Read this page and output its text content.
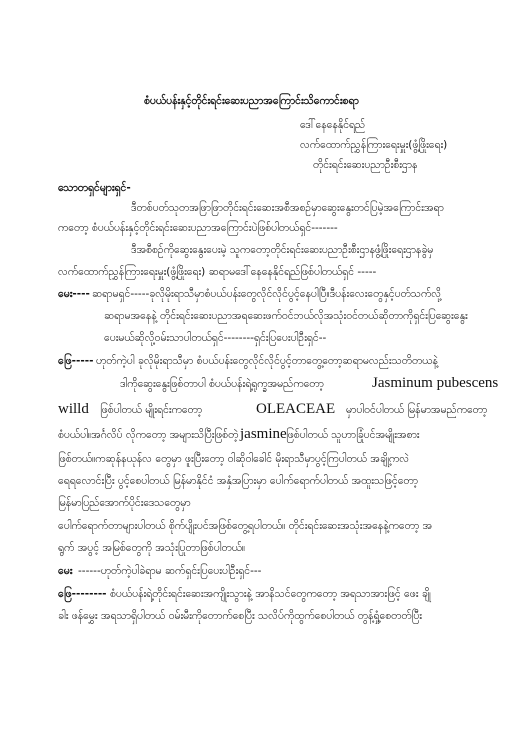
စံပယ်ပန်းနှင့်တိုင်းရင်းဆေးပညာအကြောင်းသိကောင်းစရာ
ဒေါ်နေနေနိုင်ရည်
လက်ထောက်ညွှန်ကြားရေးမှူး(ဖွံ့ဖြိုးရေး)
တိုင်းရင်းဆေးပညာဦးစီးဌာန
သောတရှင်များရှင်-
ဒီတစ်ပတ်သုတအဖြာဖြာတိုင်းရင်းဆေးအစီအစဉ်မှာဆွေးနွေးတင်ပြမဲ့အကြောင်းအရာ
ကတော့ စံပယ်ပန်းနှင့်တိုင်းရင်းဆေးပညာအကြောင်းပဲဖြစ်ပါတယ်ရှင်-------
ဒီအစီစဉ်ကိုဆွေးနွေးပေးမဲ့ သူကတော့တိုင်းရင်းဆေးပညာဦးစီးဌာနဖွံ့ဖြိုးရေးဌာနခွဲမှ
လက်ထောက်ညွှန်ကြားရေးမှူး(ဖွံ့ဖြိုးရေး) ဆရာမဒေါ်နေနေနိုင်ရည်ဖြစ်ပါတယ်ရှင် -----
မေး---- ဆရာမရှင်-----ခုလိုမိုးရာသီမှာစံပယ်ပန်းတွေလိုင်လိုင်ပွင့်နေပါပြီ။ဒီပန်းလေးတွေနှင့်ပတ်သက်လို့
ဆရာမအနေနဲ့ တိုင်းရင်းဆေးပညာအရဆေးဖက်ဝင်ဘယ်လိုအသုံးဝင်တယ်ဆိုတာကိုရှင်းပြဆွေးနွေး
ပေးမယ်ဆိုလို့ဝမ်းသာပါတယ်ရှင်--------ရှင်းပြပေးပါဦးရှင်--
ဖြေ----- ဟုတ်ကဲ့ပါ ခုလိုမိုးရာသီမှာ စံပယ်ပန်းတွေလိုင်လိုင်ပွင့်တာတွေ့တော့ဆရာမလည်းသတိတယနဲ့
ဒါကိုဆွေးနွေးဖြစ်တာပါ စံပယ်ပန်းရဲ့ရုက္ခအမည်ကတော့	Jasminum pubescens
willd ဖြစ်ပါတယ် မျိုးရင်းကတော့	OLEACEAE မှာပါဝင်ပါတယ် မြန်မာအမည်ကတော့
စံပယ်ပါ။အင်္ဂလိပ် လိုကတော့ အများသိပြီးဖြစ်တဲ့ jasmine ဖြစ်ပါတယ် သူဟာခြုံပင်အမျိုးအစား
ဖြစ်တယ်။ကဆုန်နယုန်လ တွေမှာ ဖူးပြီးတော့ ဝါဆိုဝါခေါင် မိုးရာသီမှာပွင့်ကြပါတယ် အချို့ကလဲ
ရေရလောင်းပြီး ပွင့်စေပါတယ် မြန်မာနိုင်ငံ အနှံအပြားမှာ ပေါက်ရောက်ပါတယ် အထူးသဖြင့်တော့
မြန်မာပြည်အောက်ပိုင်းဒေသတွေမှာ
ပေါက်ရောက်တာများပါတယ် စိုက်ပျိုးပင်အဖြစ်တွေ့ရပါတယ်။ တိုင်းရင်းဆေးအသုံးအနေနဲ့ကတော့ အ
ရွက် အပွင့် အမြစ်တွေကို အသုံးပြုတာဖြစ်ပါတယ်။
မေး ------ဟုတ်ကဲ့ပါခဲရာမ ဆက်ရှင်းပြပေးပါဦးရှင်---
ဖြေ-------- စံပယ်ပန်းရဲ့တိုင်းရင်းဆေးအကျိုးသွားနဲ့ အာနိသင်တွေကတော့ အရသာအားဖြင့် ဖေး ချို
ခါး ဖန်မွှေး အရသာရှိပါတယ် ဝမ်းမီးကိုတောက်စေပြီး သလိပ်ကိုထွက်စေပါတယ် တွန့်ရှုံ့စေတတ်ပြီး
